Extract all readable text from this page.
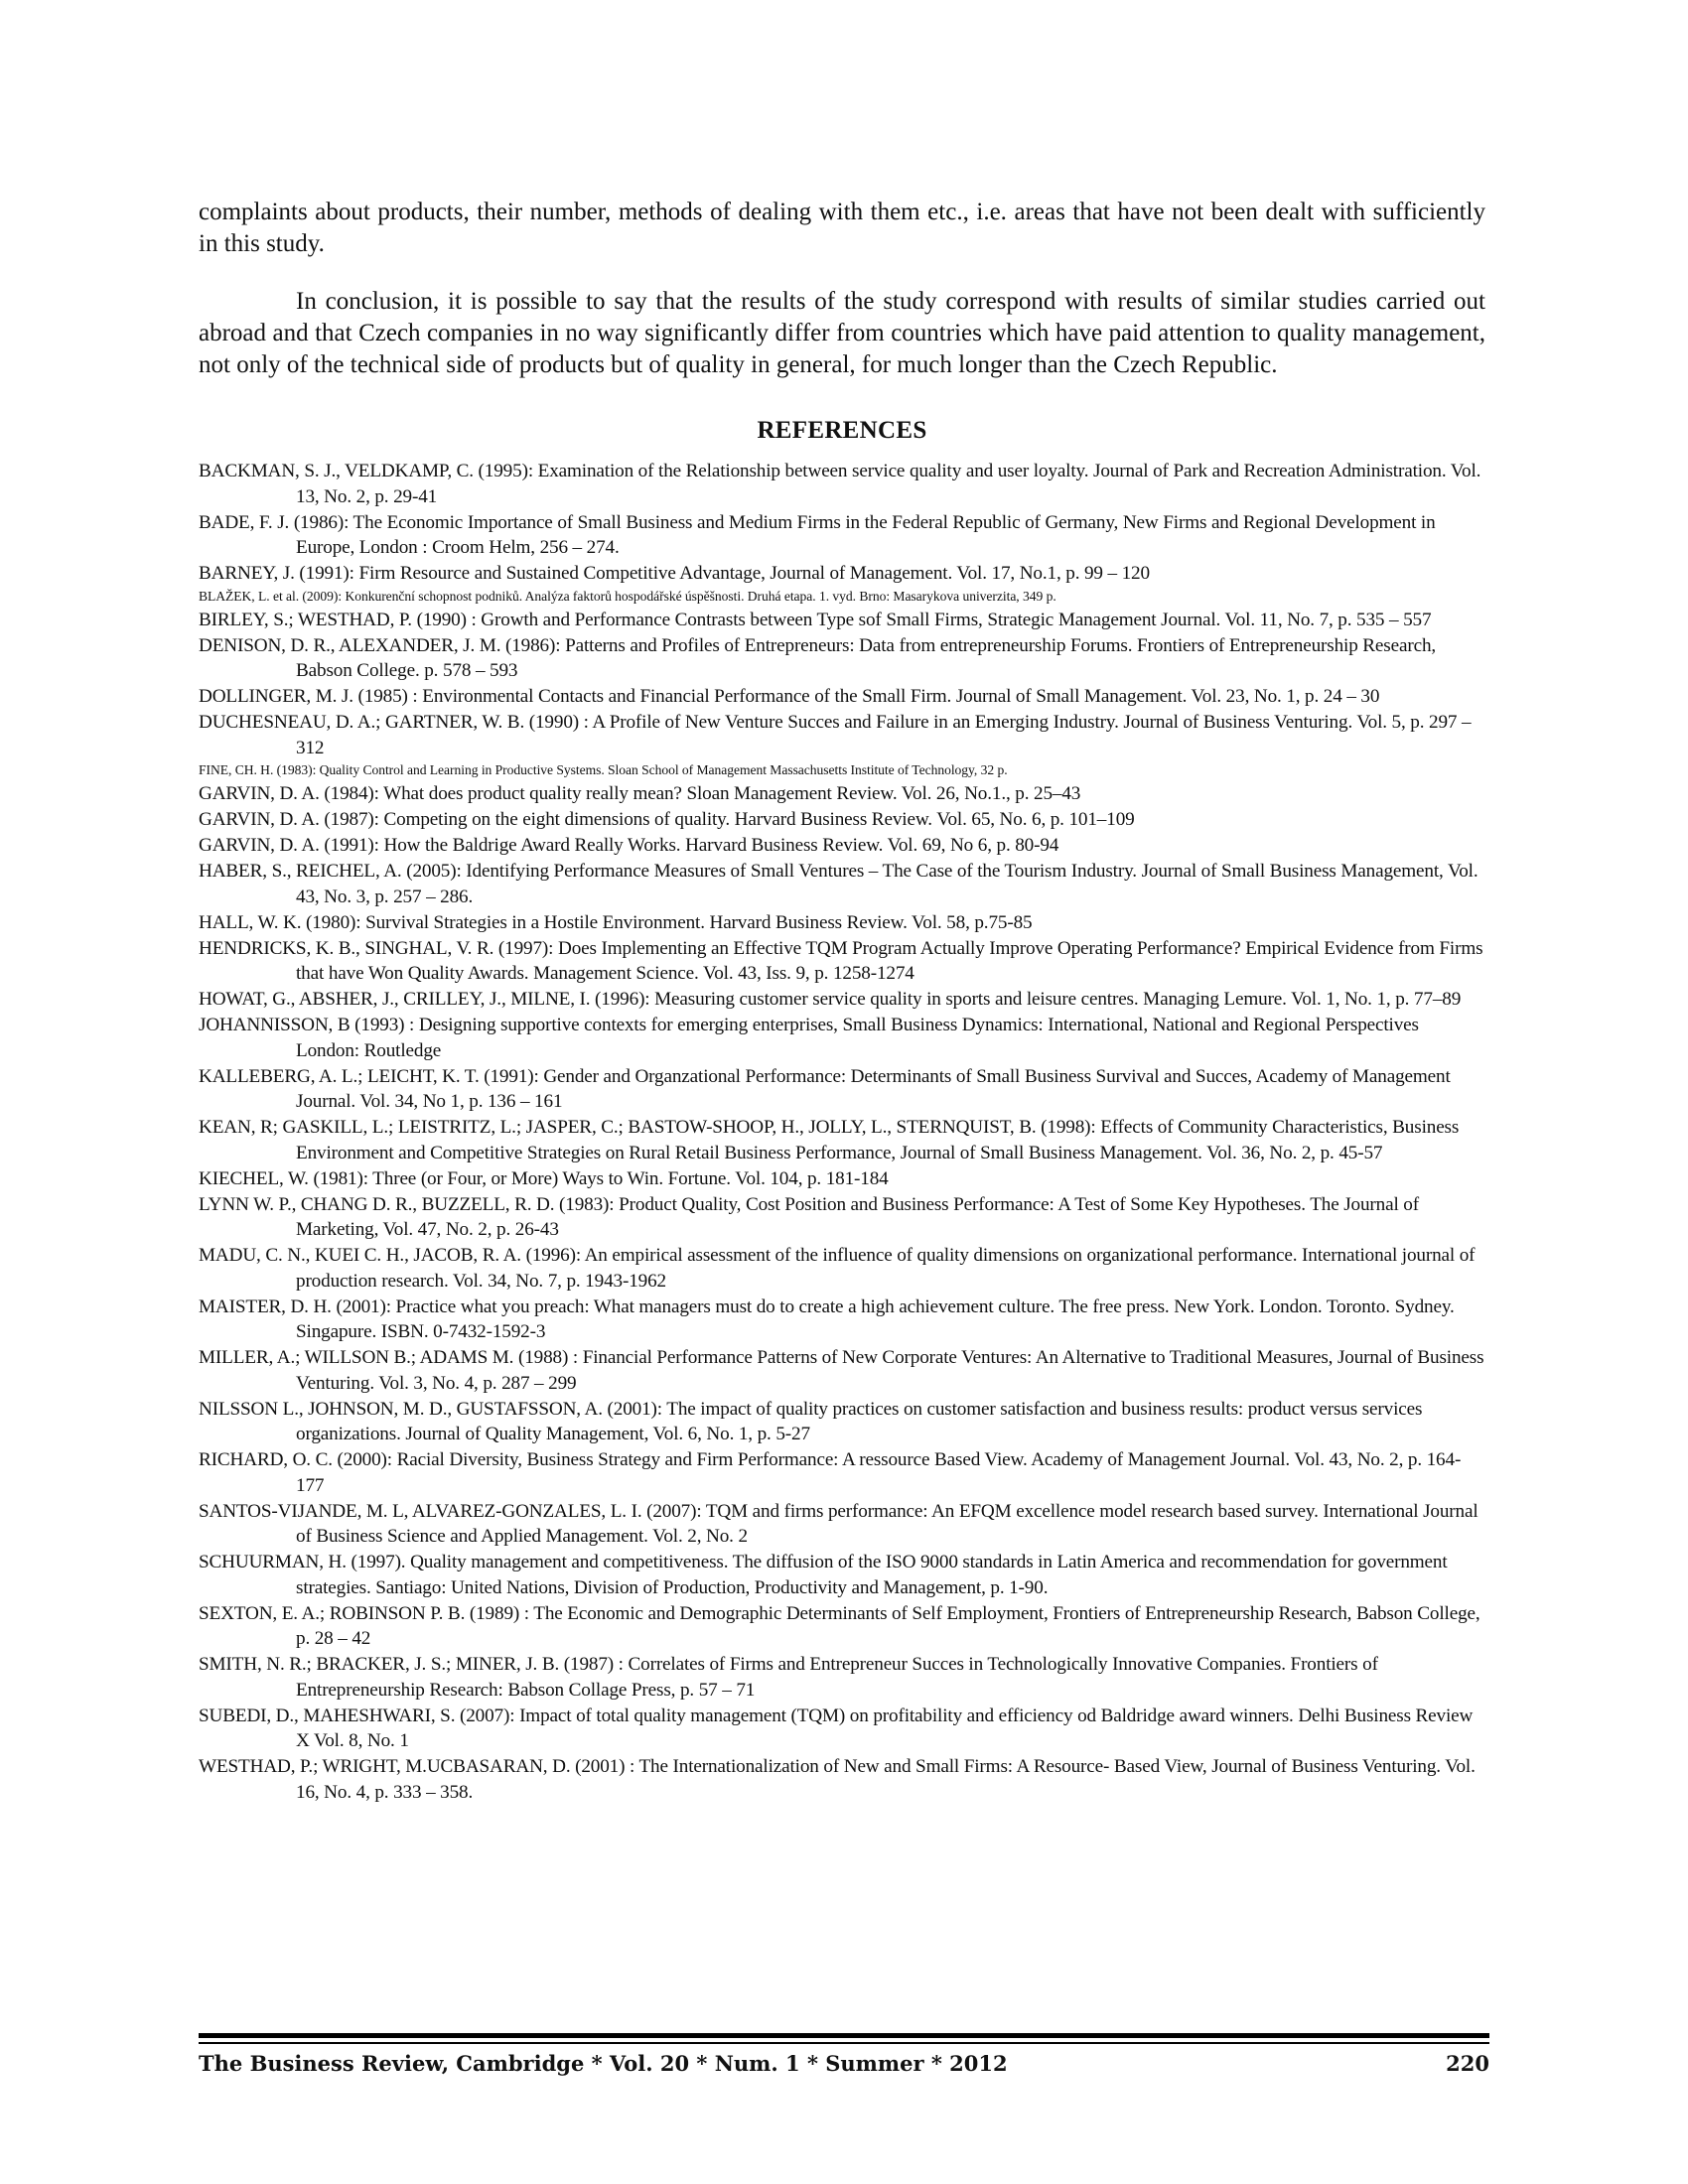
complaints about products, their number, methods of dealing with them etc., i.e. areas that have not been dealt with sufficiently in this study.

In conclusion, it is possible to say that the results of the study correspond with results of similar studies carried out abroad and that Czech companies in no way significantly differ from countries which have paid attention to quality management, not only of the technical side of products but of quality in general, for much longer than the Czech Republic.

REFERENCES
BACKMAN, S. J., VELDKAMP, C. (1995): Examination of the Relationship between service quality and user loyalty. Journal of Park and Recreation Administration. Vol. 13, No. 2, p. 29-41
BADE, F. J. (1986): The Economic Importance of Small Business and Medium Firms in the Federal Republic of Germany, New Firms and Regional Development in Europe, London : Croom Helm, 256 – 274.
BARNEY, J. (1991): Firm Resource and Sustained Competitive Advantage, Journal of Management. Vol. 17, No.1, p. 99 – 120
BLAŽEK, L. et al. (2009): Konkurenční schopnost podniků. Analýza faktorů hospodářské úspěšnosti. Druhá etapa. 1. vyd. Brno: Masarykova univerzita, 349 p.
BIRLEY, S.; WESTHAD, P. (1990) : Growth and Performance Contrasts between Type sof Small Firms, Strategic Management Journal. Vol. 11, No. 7, p. 535 – 557
DENISON, D. R., ALEXANDER, J. M. (1986): Patterns and Profiles of Entrepreneurs: Data from entrepreneurship Forums. Frontiers of Entrepreneurship Research, Babson College. p. 578 – 593
DOLLINGER, M. J. (1985) : Environmental Contacts and Financial Performance of the Small Firm. Journal of Small Management. Vol. 23, No. 1, p. 24 – 30
DUCHESNEAU, D. A.; GARTNER, W. B. (1990) : A Profile of New Venture Succes and Failure in an Emerging Industry. Journal of Business Venturing. Vol. 5, p. 297 – 312
FINE, CH. H. (1983): Quality Control and Learning in Productive Systems. Sloan School of Management Massachusetts Institute of Technology, 32 p.
GARVIN, D. A. (1984): What does product quality really mean? Sloan Management Review. Vol. 26, No.1., p. 25–43
GARVIN, D. A. (1987): Competing on the eight dimensions of quality. Harvard Business Review. Vol. 65, No. 6, p. 101–109
GARVIN, D. A. (1991): How the Baldrige Award Really Works. Harvard Business Review. Vol. 69, No 6, p. 80-94
HABER, S., REICHEL, A. (2005): Identifying Performance Measures of Small Ventures – The Case of the Tourism Industry. Journal of Small Business Management, Vol. 43, No. 3, p. 257 – 286.
HALL, W. K. (1980): Survival Strategies in a Hostile Environment. Harvard Business Review. Vol. 58, p.75-85
HENDRICKS, K. B., SINGHAL, V. R. (1997): Does Implementing an Effective TQM Program Actually Improve Operating Performance? Empirical Evidence from Firms that have Won Quality Awards. Management Science. Vol. 43, Iss. 9, p. 1258-1274
HOWAT, G., ABSHER, J., CRILLEY, J., MILNE, I. (1996): Measuring customer service quality in sports and leisure centres. Managing Lemure. Vol. 1, No. 1, p. 77–89
JOHANNISSON, B (1993) : Designing supportive contexts for emerging enterprises, Small Business Dynamics: International, National and Regional Perspectives London: Routledge
KALLEBERG, A. L.; LEICHT, K. T. (1991): Gender and Organzational Performance: Determinants of Small Business Survival and Succes, Academy of Management Journal. Vol. 34, No 1, p. 136 – 161
KEAN, R; GASKILL, L.; LEISTRITZ, L.; JASPER, C.; BASTOW-SHOOP, H., JOLLY, L., STERNQUIST, B. (1998): Effects of Community Characteristics, Business Environment and Competitive Strategies on Rural Retail Business Performance, Journal of Small Business Management. Vol. 36, No. 2, p. 45-57
KIECHEL, W. (1981): Three (or Four, or More) Ways to Win. Fortune. Vol. 104, p. 181-184
LYNN W. P., CHANG D. R., BUZZELL, R. D. (1983): Product Quality, Cost Position and Business Performance: A Test of Some Key Hypotheses. The Journal of Marketing, Vol. 47, No. 2, p. 26-43
MADU, C. N., KUEI C. H., JACOB, R. A. (1996): An empirical assessment of the influence of quality dimensions on organizational performance. International journal of production research. Vol. 34, No. 7, p. 1943-1962
MAISTER, D. H. (2001): Practice what you preach: What managers must do to create a high achievement culture. The free press. New York. London. Toronto. Sydney. Singapure. ISBN. 0-7432-1592-3
MILLER, A.; WILLSON B.; ADAMS M. (1988) : Financial Performance Patterns of New Corporate Ventures: An Alternative to Traditional Measures, Journal of Business Venturing. Vol. 3, No. 4, p. 287 – 299
NILSSON L., JOHNSON, M. D., GUSTAFSSON, A. (2001): The impact of quality practices on customer satisfaction and business results: product versus services organizations. Journal of Quality Management, Vol. 6, No. 1, p. 5-27
RICHARD, O. C. (2000): Racial Diversity, Business Strategy and Firm Performance: A ressource Based View. Academy of Management Journal. Vol. 43, No. 2, p. 164-177
SANTOS-VIJANDE, M. L, ALVAREZ-GONZALES, L. I. (2007): TQM and firms performance: An EFQM excellence model research based survey. International Journal of Business Science and Applied Management. Vol. 2, No. 2
SCHUURMAN, H. (1997). Quality management and competitiveness. The diffusion of the ISO 9000 standards in Latin America and recommendation for government strategies. Santiago: United Nations, Division of Production, Productivity and Management, p. 1-90.
SEXTON, E. A.; ROBINSON P. B. (1989) : The Economic and Demographic Determinants of Self Employment, Frontiers of Entrepreneurship Research, Babson College, p. 28 – 42
SMITH, N. R.; BRACKER, J. S.; MINER, J. B. (1987) : Correlates of Firms and Entrepreneur Succes in Technologically Innovative Companies. Frontiers of Entrepreneurship Research: Babson Collage Press, p. 57 – 71
SUBEDI, D., MAHESHWARI, S. (2007): Impact of total quality management (TQM) on profitability and efficiency od Baldridge award winners. Delhi Business Review X Vol. 8, No. 1
WESTHAD, P.; WRIGHT, M.UCBASARAN, D. (2001) : The Internationalization of New and Small Firms: A Resource- Based View, Journal of Business Venturing. Vol. 16, No. 4, p. 333 – 358.
The Business Review, Cambridge * Vol. 20 * Num. 1 * Summer * 2012	220
